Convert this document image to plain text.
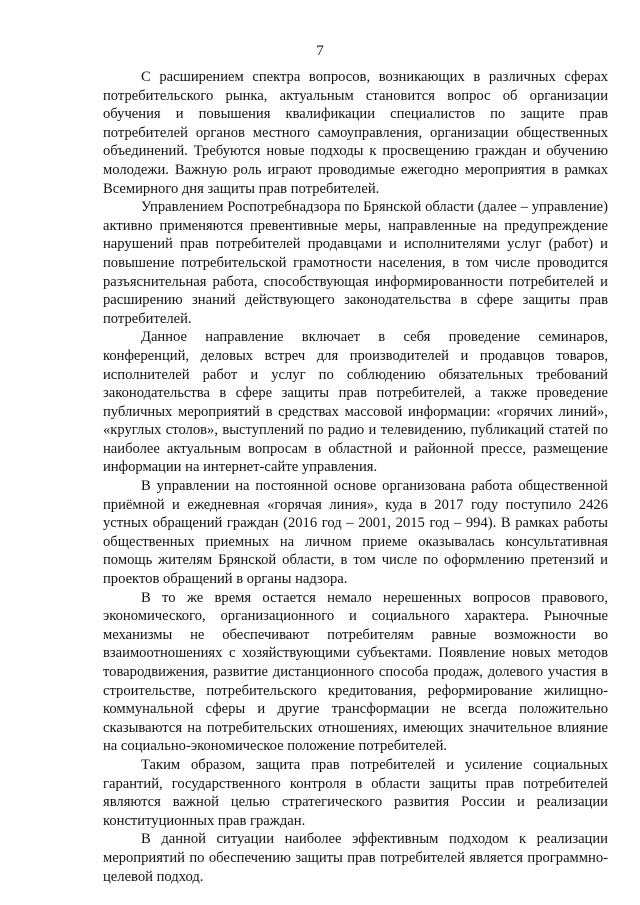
7

С расширением спектра вопросов, возникающих в различных сферах потребительского рынка, актуальным становится вопрос об организации обучения и повышения квалификации специалистов по защите прав потребителей органов местного самоуправления, организации общественных объединений. Требуются новые подходы к просвещению граждан и обучению молодежи. Важную роль играют проводимые ежегодно мероприятия в рамках Всемирного дня защиты прав потребителей.

Управлением Роспотребнадзора по Брянской области (далее – управление) активно применяются превентивные меры, направленные на предупреждение нарушений прав потребителей продавцами и исполнителями услуг (работ) и повышение потребительской грамотности населения, в том числе проводится разъяснительная работа, способствующая информированности потребителей и расширению знаний действующего законодательства в сфере защиты прав потребителей.

Данное направление включает в себя проведение семинаров, конференций, деловых встреч для производителей и продавцов товаров, исполнителей работ и услуг по соблюдению обязательных требований законодательства в сфере защиты прав потребителей, а также проведение публичных мероприятий в средствах массовой информации: «горячих линий», «круглых столов», выступлений по радио и телевидению, публикаций статей по наиболее актуальным вопросам в областной и районной прессе, размещение информации на интернет-сайте управления.

В управлении на постоянной основе организована работа общественной приёмной и ежедневная «горячая линия», куда в 2017 году поступило 2426 устных обращений граждан (2016 год – 2001, 2015 год – 994). В рамках работы общественных приемных на личном приеме оказывалась консультативная помощь жителям Брянской области, в том числе по оформлению претензий и проектов обращений в органы надзора.

В то же время остается немало нерешенных вопросов правового, экономического, организационного и социального характера. Рыночные механизмы не обеспечивают потребителям равные возможности во взаимоотношениях с хозяйствующими субъектами. Появление новых методов товародвижения, развитие дистанционного способа продаж, долевого участия в строительстве, потребительского кредитования, реформирование жилищно-коммунальной сферы и другие трансформации не всегда положительно сказываются на потребительских отношениях, имеющих значительное влияние на социально-экономическое положение потребителей.

Таким образом, защита прав потребителей и усиление социальных гарантий, государственного контроля в области защиты прав потребителей являются важной целью стратегического развития России и реализации конституционных прав граждан.

В данной ситуации наиболее эффективным подходом к реализации мероприятий по обеспечению защиты прав потребителей является программно-целевой подход.
